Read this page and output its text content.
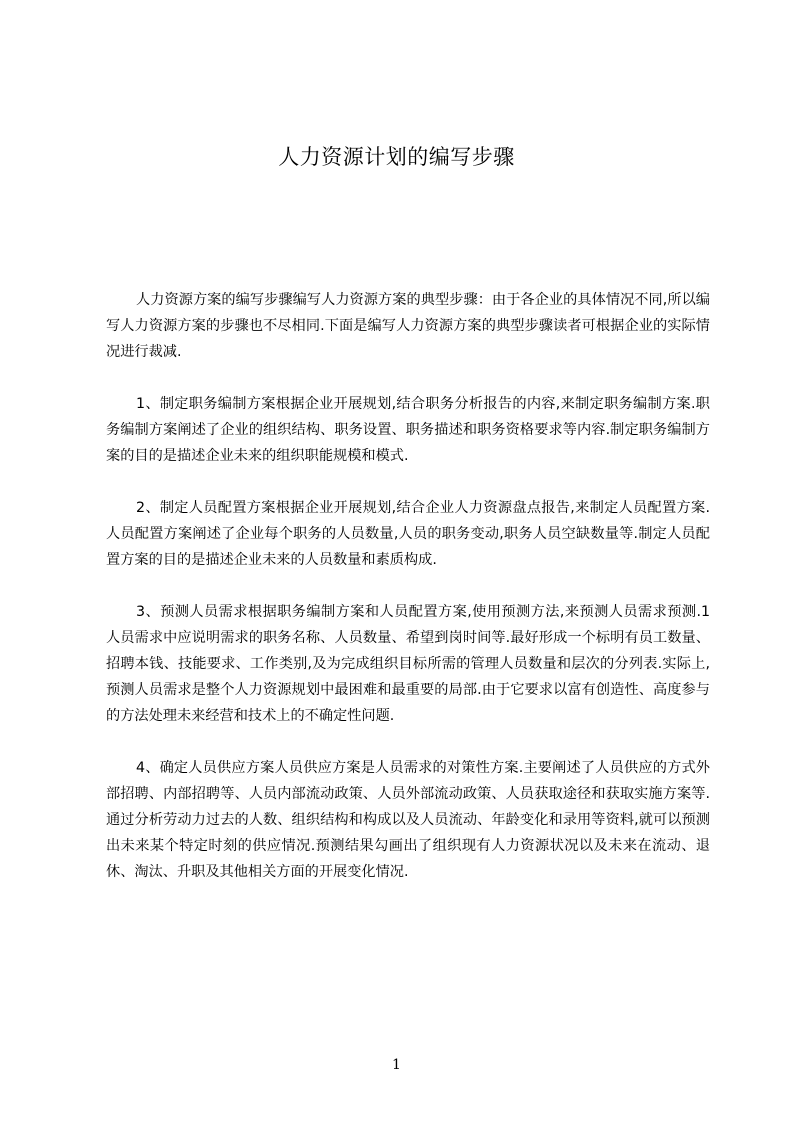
人力资源计划的编写步骤

人力资源方案的编写步骤编写人力资源方案的典型步骤：由于各企业的具体情况不同,所以编写人力资源方案的步骤也不尽相同.下面是编写人力资源方案的典型步骤读者可根据企业的实际情况进行裁减.

1、制定职务编制方案根据企业开展规划,结合职务分析报告的内容,来制定职务编制方案.职务编制方案阐述了企业的组织结构、职务设置、职务描述和职务资格要求等内容.制定职务编制方案的目的是描述企业未来的组织职能规模和模式.

2、制定人员配置方案根据企业开展规划,结合企业人力资源盘点报告,来制定人员配置方案.人员配置方案阐述了企业每个职务的人员数量,人员的职务变动,职务人员空缺数量等.制定人员配置方案的目的是描述企业未来的人员数量和素质构成.

3、预测人员需求根据职务编制方案和人员配置方案,使用预测方法,来预测人员需求预测.1 人员需求中应说明需求的职务名称、人员数量、希望到岗时间等.最好形成一个标明有员工数量、招聘本钱、技能要求、工作类别,及为完成组织目标所需的管理人员数量和层次的分列表.实际上,预测人员需求是整个人力资源规划中最困难和最重要的局部.由于它要求以富有创造性、高度参与的方法处理未来经营和技术上的不确定性问题.

4、确定人员供应方案人员供应方案是人员需求的对策性方案.主要阐述了人员供应的方式外部招聘、内部招聘等、人员内部流动政策、人员外部流动政策、人员获取途径和获取实施方案等.通过分析劳动力过去的人数、组织结构和构成以及人员流动、年龄变化和录用等资料,就可以预测出未来某个特定时刻的供应情况.预测结果勾画出了组织现有人力资源状况以及未来在流动、退休、淘汰、升职及其他相关方面的开展变化情况.

1
